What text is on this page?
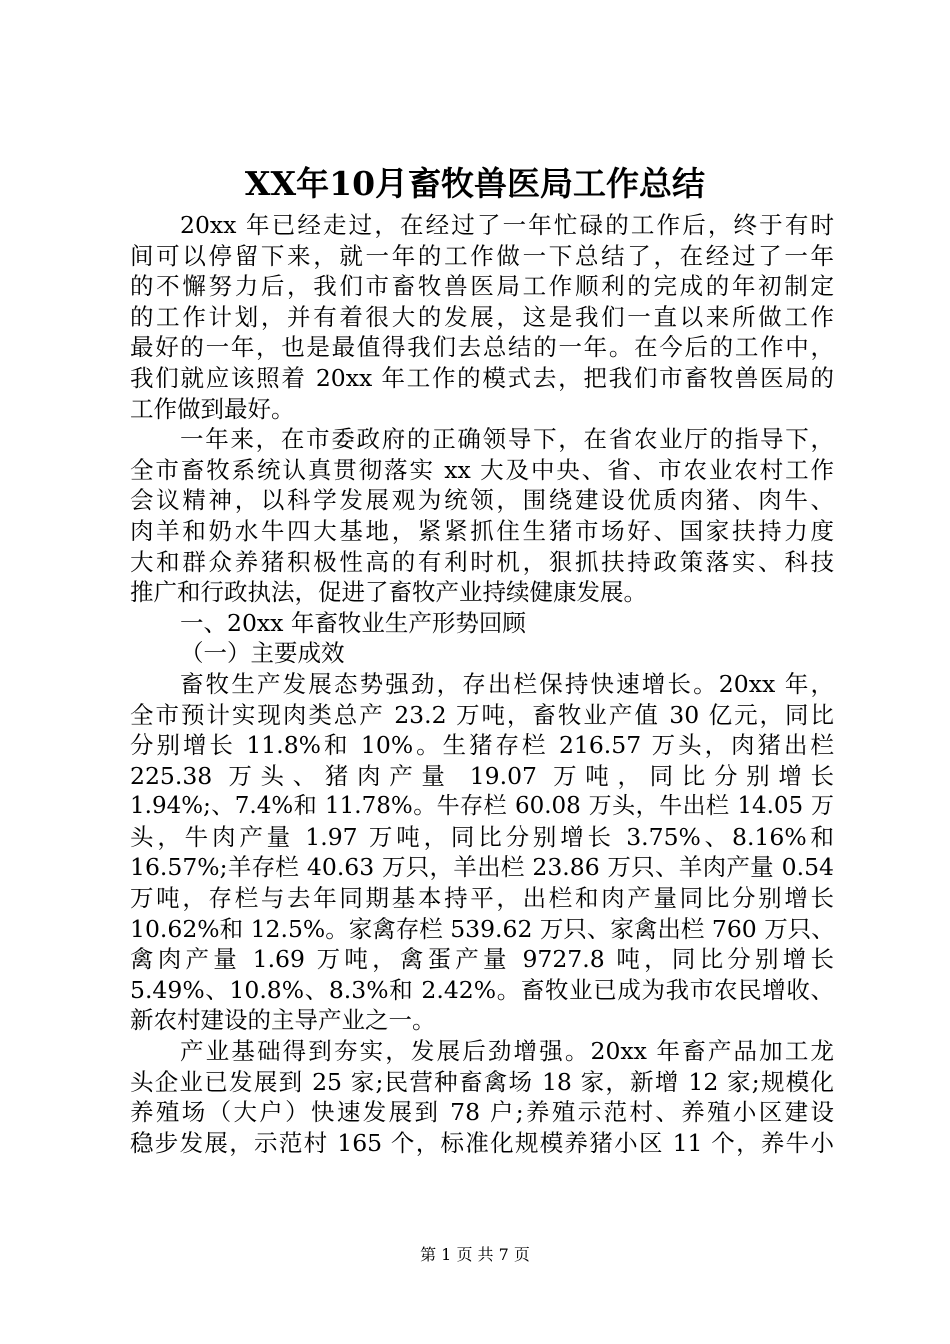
XX年10月畜牧兽医局工作总结
20xx 年已经走过，在经过了一年忙碌的工作后，终于有时
间可以停留下来，就一年的工作做一下总结了，在经过了一年
的不懈努力后，我们市畜牧兽医局工作顺利的完成的年初制定
的工作计划，并有着很大的发展，这是我们一直以来所做工作
最好的一年，也是最值得我们去总结的一年。在今后的工作中，
我们就应该照着 20xx 年工作的模式去，把我们市畜牧兽医局的
工作做到最好。
一年来，在市委政府的正确领导下，在省农业厅的指导下，
全市畜牧系统认真贯彻落实 xx 大及中央、省、市农业农村工作
会议精神，以科学发展观为统领，围绕建设优质肉猪、肉牛、
肉羊和奶水牛四大基地，紧紧抓住生猪市场好、国家扶持力度
大和群众养猪积极性高的有利时机，狠抓扶持政策落实、科技
推广和行政执法，促进了畜牧产业持续健康发展。
一、20xx 年畜牧业生产形势回顾
（一）主要成效
畜牧生产发展态势强劲，存出栏保持快速增长。20xx 年，
全市预计实现肉类总产 23.2 万吨，畜牧业产值 30 亿元，同比
分别增长 11.8%和 10%。生猪存栏 216.57 万头，肉猪出栏
225.38 万头、猪肉产量 19.07 万吨，同比分别增长
1.94%;、7.4%和 11.78%。牛存栏 60.08 万头，牛出栏 14.05 万
头，牛肉产量 1.97 万吨，同比分别增长 3.75%、8.16%和
16.57%;羊存栏 40.63 万只，羊出栏 23.86 万只、羊肉产量 0.54
万吨，存栏与去年同期基本持平，出栏和肉产量同比分别增长
10.62%和 12.5%。家禽存栏 539.62 万只、家禽出栏 760 万只、
禽肉产量 1.69 万吨，禽蛋产量 9727.8 吨，同比分别增长
5.49%、10.8%、8.3%和 2.42%。畜牧业已成为我市农民增收、
新农村建设的主导产业之一。
产业基础得到夯实，发展后劲增强。20xx 年畜产品加工龙
头企业已发展到 25 家;民营种畜禽场 18 家，新增 12 家;规模化
养殖场（大户）快速发展到 78 户;养殖示范村、养殖小区建设
稳步发展，示范村 165 个，标准化规模养猪小区 11 个，养牛小
第 1 页 共 7 页
